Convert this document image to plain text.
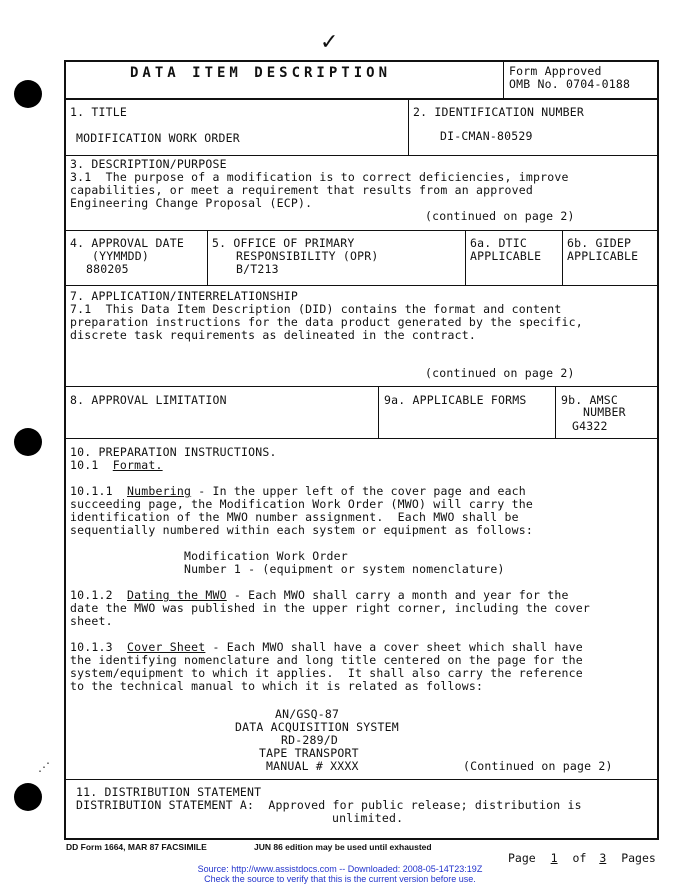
✓
⋰
DATA ITEM DESCRIPTION	Form Approved
OMB No. 0704-0188
1. TITLE
MODIFICATION WORK ORDER
2. IDENTIFICATION NUMBER
DI-CMAN-80529
3. DESCRIPTION/PURPOSE
3.1  The purpose of a modification is to correct deficiencies, improve
capabilities, or meet a requirement that results from an approved
Engineering Change Proposal (ECP).
(continued on page 2)
4. APPROVAL DATE
(YYMMDD)
880205
5. OFFICE OF PRIMARY
RESPONSIBILITY (OPR)
B/T213
6a. DTIC
APPLICABLE
6b. GIDEP
APPLICABLE
7. APPLICATION/INTERRELATIONSHIP
7.1  This Data Item Description (DID) contains the format and content
preparation instructions for the data product generated by the specific,
discrete task requirements as delineated in the contract.
(continued on page 2)
8. APPROVAL LIMITATION	9a. APPLICABLE FORMS	9b. AMSC
NUMBER
G4322
10. PREPARATION INSTRUCTIONS.
10.1 Format.
10.1.1 Numbering - In the upper left of the cover page and each
succeeding page, the Modification Work Order (MWO) will carry the
identification of the MWO number assignment.  Each MWO shall be
sequentially numbered within each system or equipment as follows:
Modification Work Order
Number 1 - (equipment or system nomenclature)
10.1.2 Dating the MWO - Each MWO shall carry a month and year for the
date the MWO was published in the upper right corner, including the cover
sheet.
10.1.3 Cover Sheet - Each MWO shall have a cover sheet which shall have
the identifying nomenclature and long title centered on the page for the
system/equipment to which it applies.  It shall also carry the reference
to the technical manual to which it is related as follows:
AN/GSQ-87
DATA ACQUISITION SYSTEM
RD-289/D
TAPE TRANSPORT
MANUAL # XXXX	(Continued on page 2)
11. DISTRIBUTION STATEMENT
DISTRIBUTION STATEMENT A:  Approved for public release; distribution is
unlimited.
DD Form 1664, MAR 87 FACSIMILE	JUN 86 edition may be used until exhausted
Page 1 of 3 Pages
Source: http://www.assistdocs.com -- Downloaded: 2008-05-14T23:19Z
Check the source to verify that this is the current version before use.
